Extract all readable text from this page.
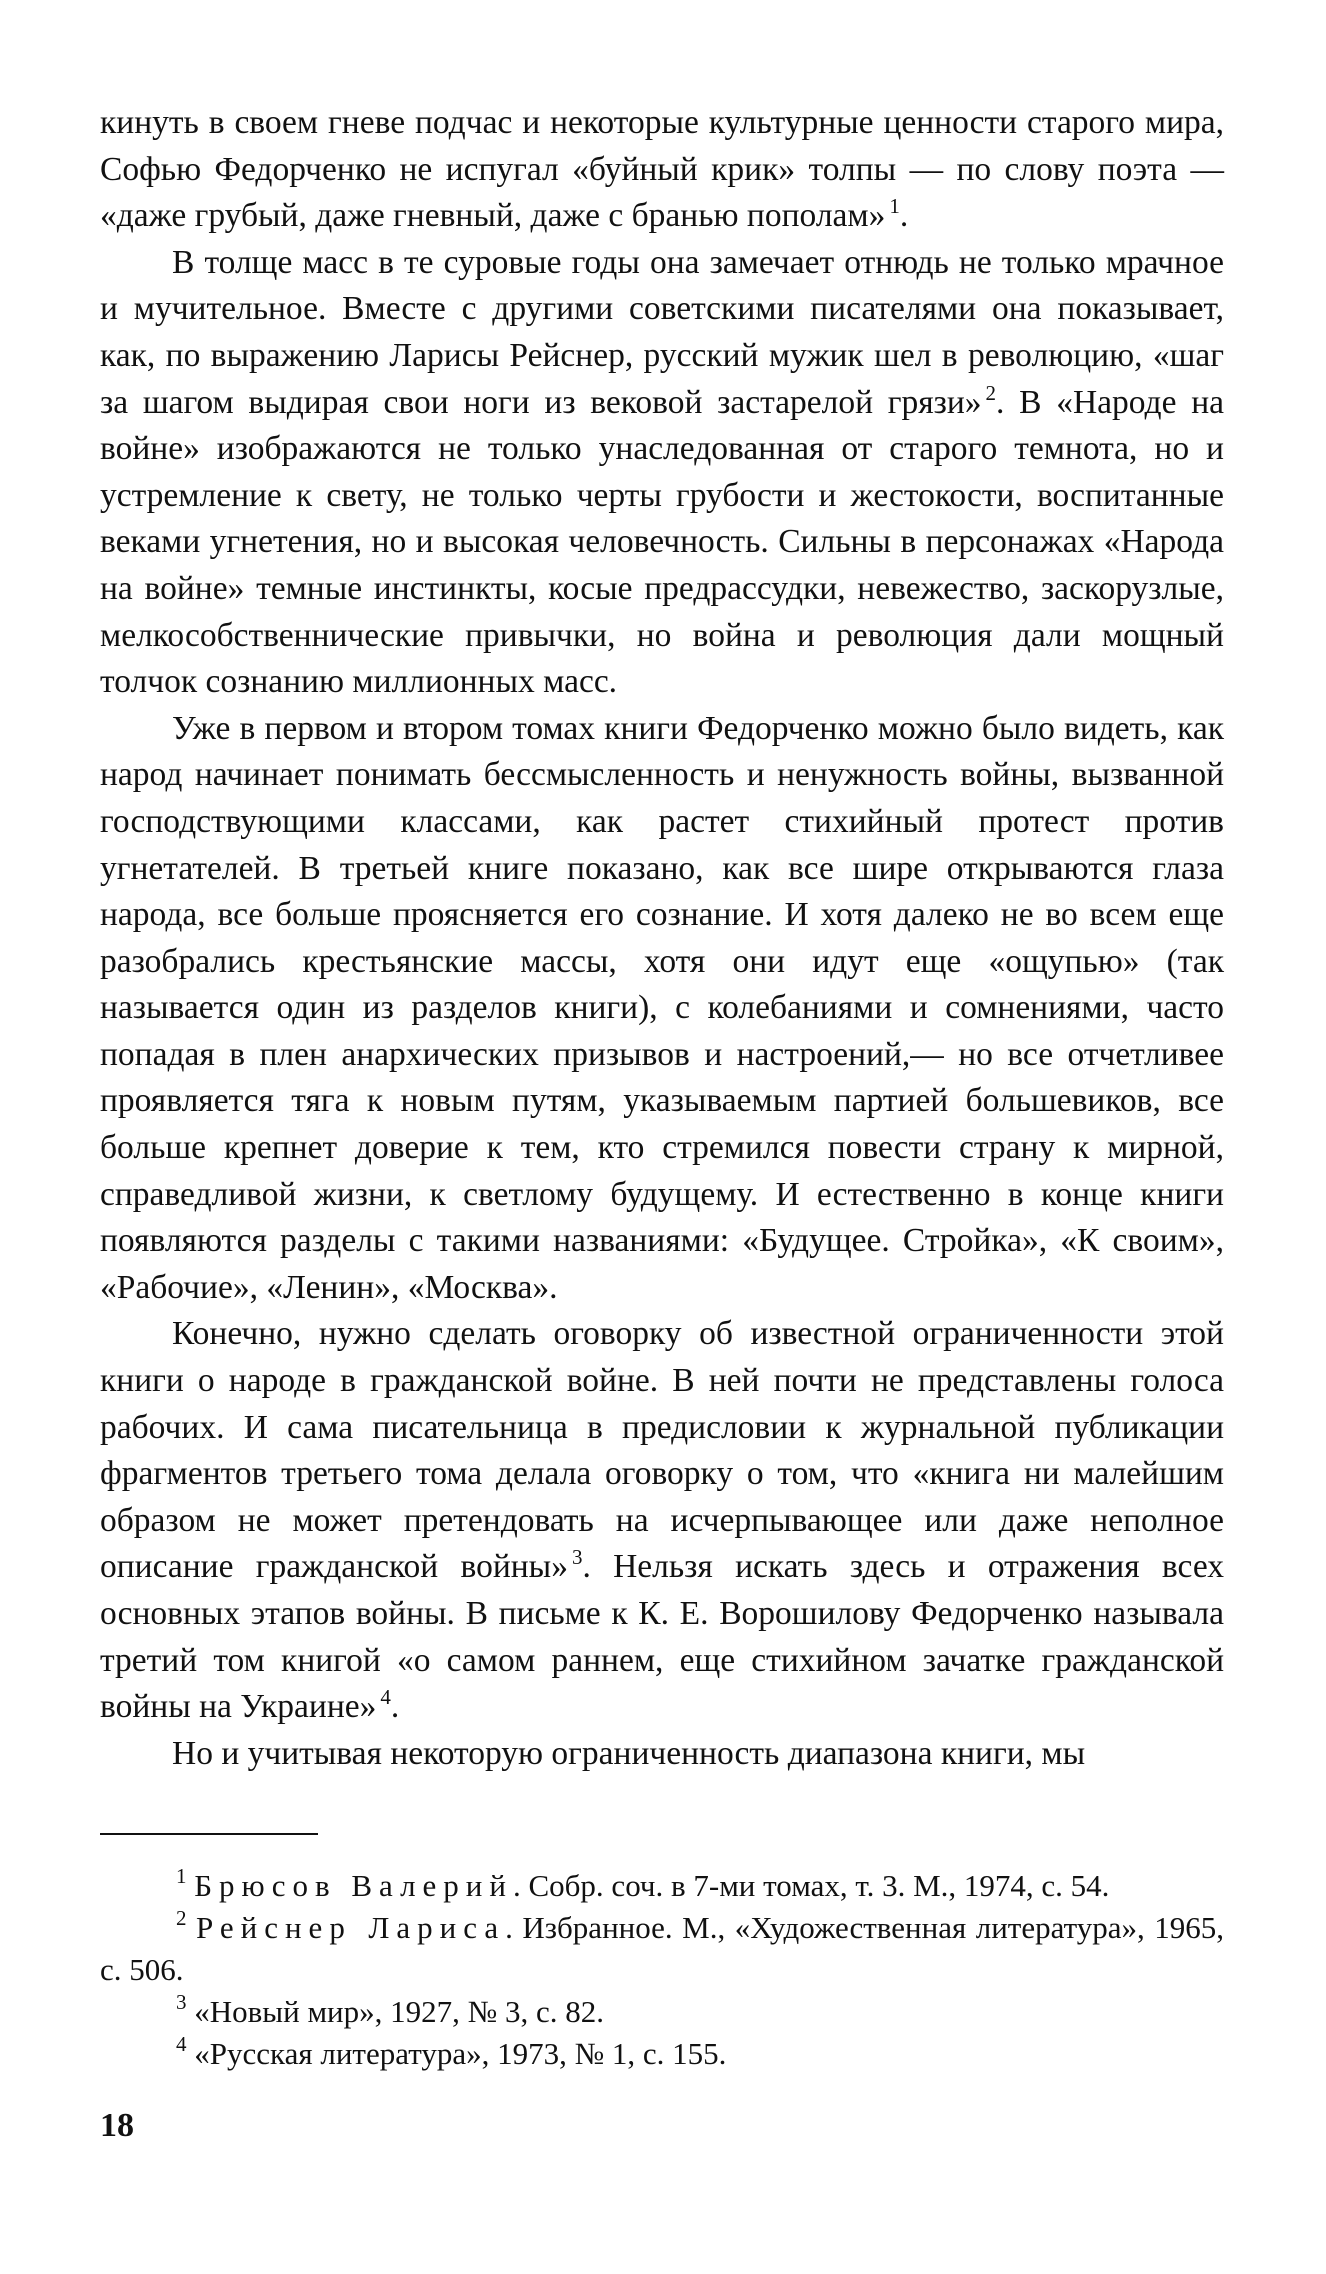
кинуть в своем гневе подчас и некоторые культурные ценности старого мира, Софью Федорченко не испугал «буйный крик» толпы — по слову поэта — «даже грубый, даже гневный, даже с бранью пополам» $^1$.

В толще масс в те суровые годы она замечает отнюдь не только мрачное и мучительное. Вместе с другими советскими писателями она показывает, как, по выражению Ларисы Рейснер, русский мужик шел в революцию, «шаг за шагом выдирая свои ноги из вековой застарелой грязи» $^2$. В «Народе на войне» изображаются не только унаследованная от старого темнота, но и устремление к свету, не только черты грубости и жестокости, воспитанные веками угнетения, но и высокая человечность. Сильны в персонажах «Народа на войне» темные инстинкты, косые предрассудки, невежество, заскорузлые, мелкособственнические привычки, но война и революция дали мощный толчок сознанию миллионных масс.

Уже в первом и втором томах книги Федорченко можно было видеть, как народ начинает понимать бессмысленность и ненужность войны, вызванной господствующими классами, как растет стихийный протест против угнетателей. В третьей книге показано, как все шире открываются глаза народа, все больше проясняется его сознание. И хотя далеко не во всем еще разобрались крестьянские массы, хотя они идут еще «ощупью» (так называется один из разделов книги), с колебаниями и сомнениями, часто попадая в плен анархических призывов и настроений,— но все отчетливее проявляется тяга к новым путям, указываемым партией большевиков, все больше крепнет доверие к тем, кто стремился повести страну к мирной, справедливой жизни, к светлому будущему. И естественно в конце книги появляются разделы с такими названиями: «Будущее. Стройка», «К своим», «Рабочие», «Ленин», «Москва».

Конечно, нужно сделать оговорку об известной ограниченности этой книги о народе в гражданской войне. В ней почти не представлены голоса рабочих. И сама писательница в предисловии к журнальной публикации фрагментов третьего тома делала оговорку о том, что «книга ни малейшим образом не может претендовать на исчерпывающее или даже неполное описание гражданской войны» $^3$. Нельзя искать здесь и отражения всех основных этапов войны. В письме к К. Е. Ворошилову Федорченко называла третий том книгой «о самом раннем, еще стихийном зачатке гражданской войны на Украине» $^4$.

Но и учитывая некоторую ограниченность диапазона книги, мы

$^1$ Брюсов Валерий. Собр. соч. в 7-ми томах, т. 3. М., 1974, с. 54.

$^2$ Рейснер Лариса. Избранное. М., «Художественная литература», 1965, с. 506.

$^3$ «Новый мир», 1927, № 3, с. 82.

$^4$ «Русская литература», 1973, № 1, с. 155.

18
